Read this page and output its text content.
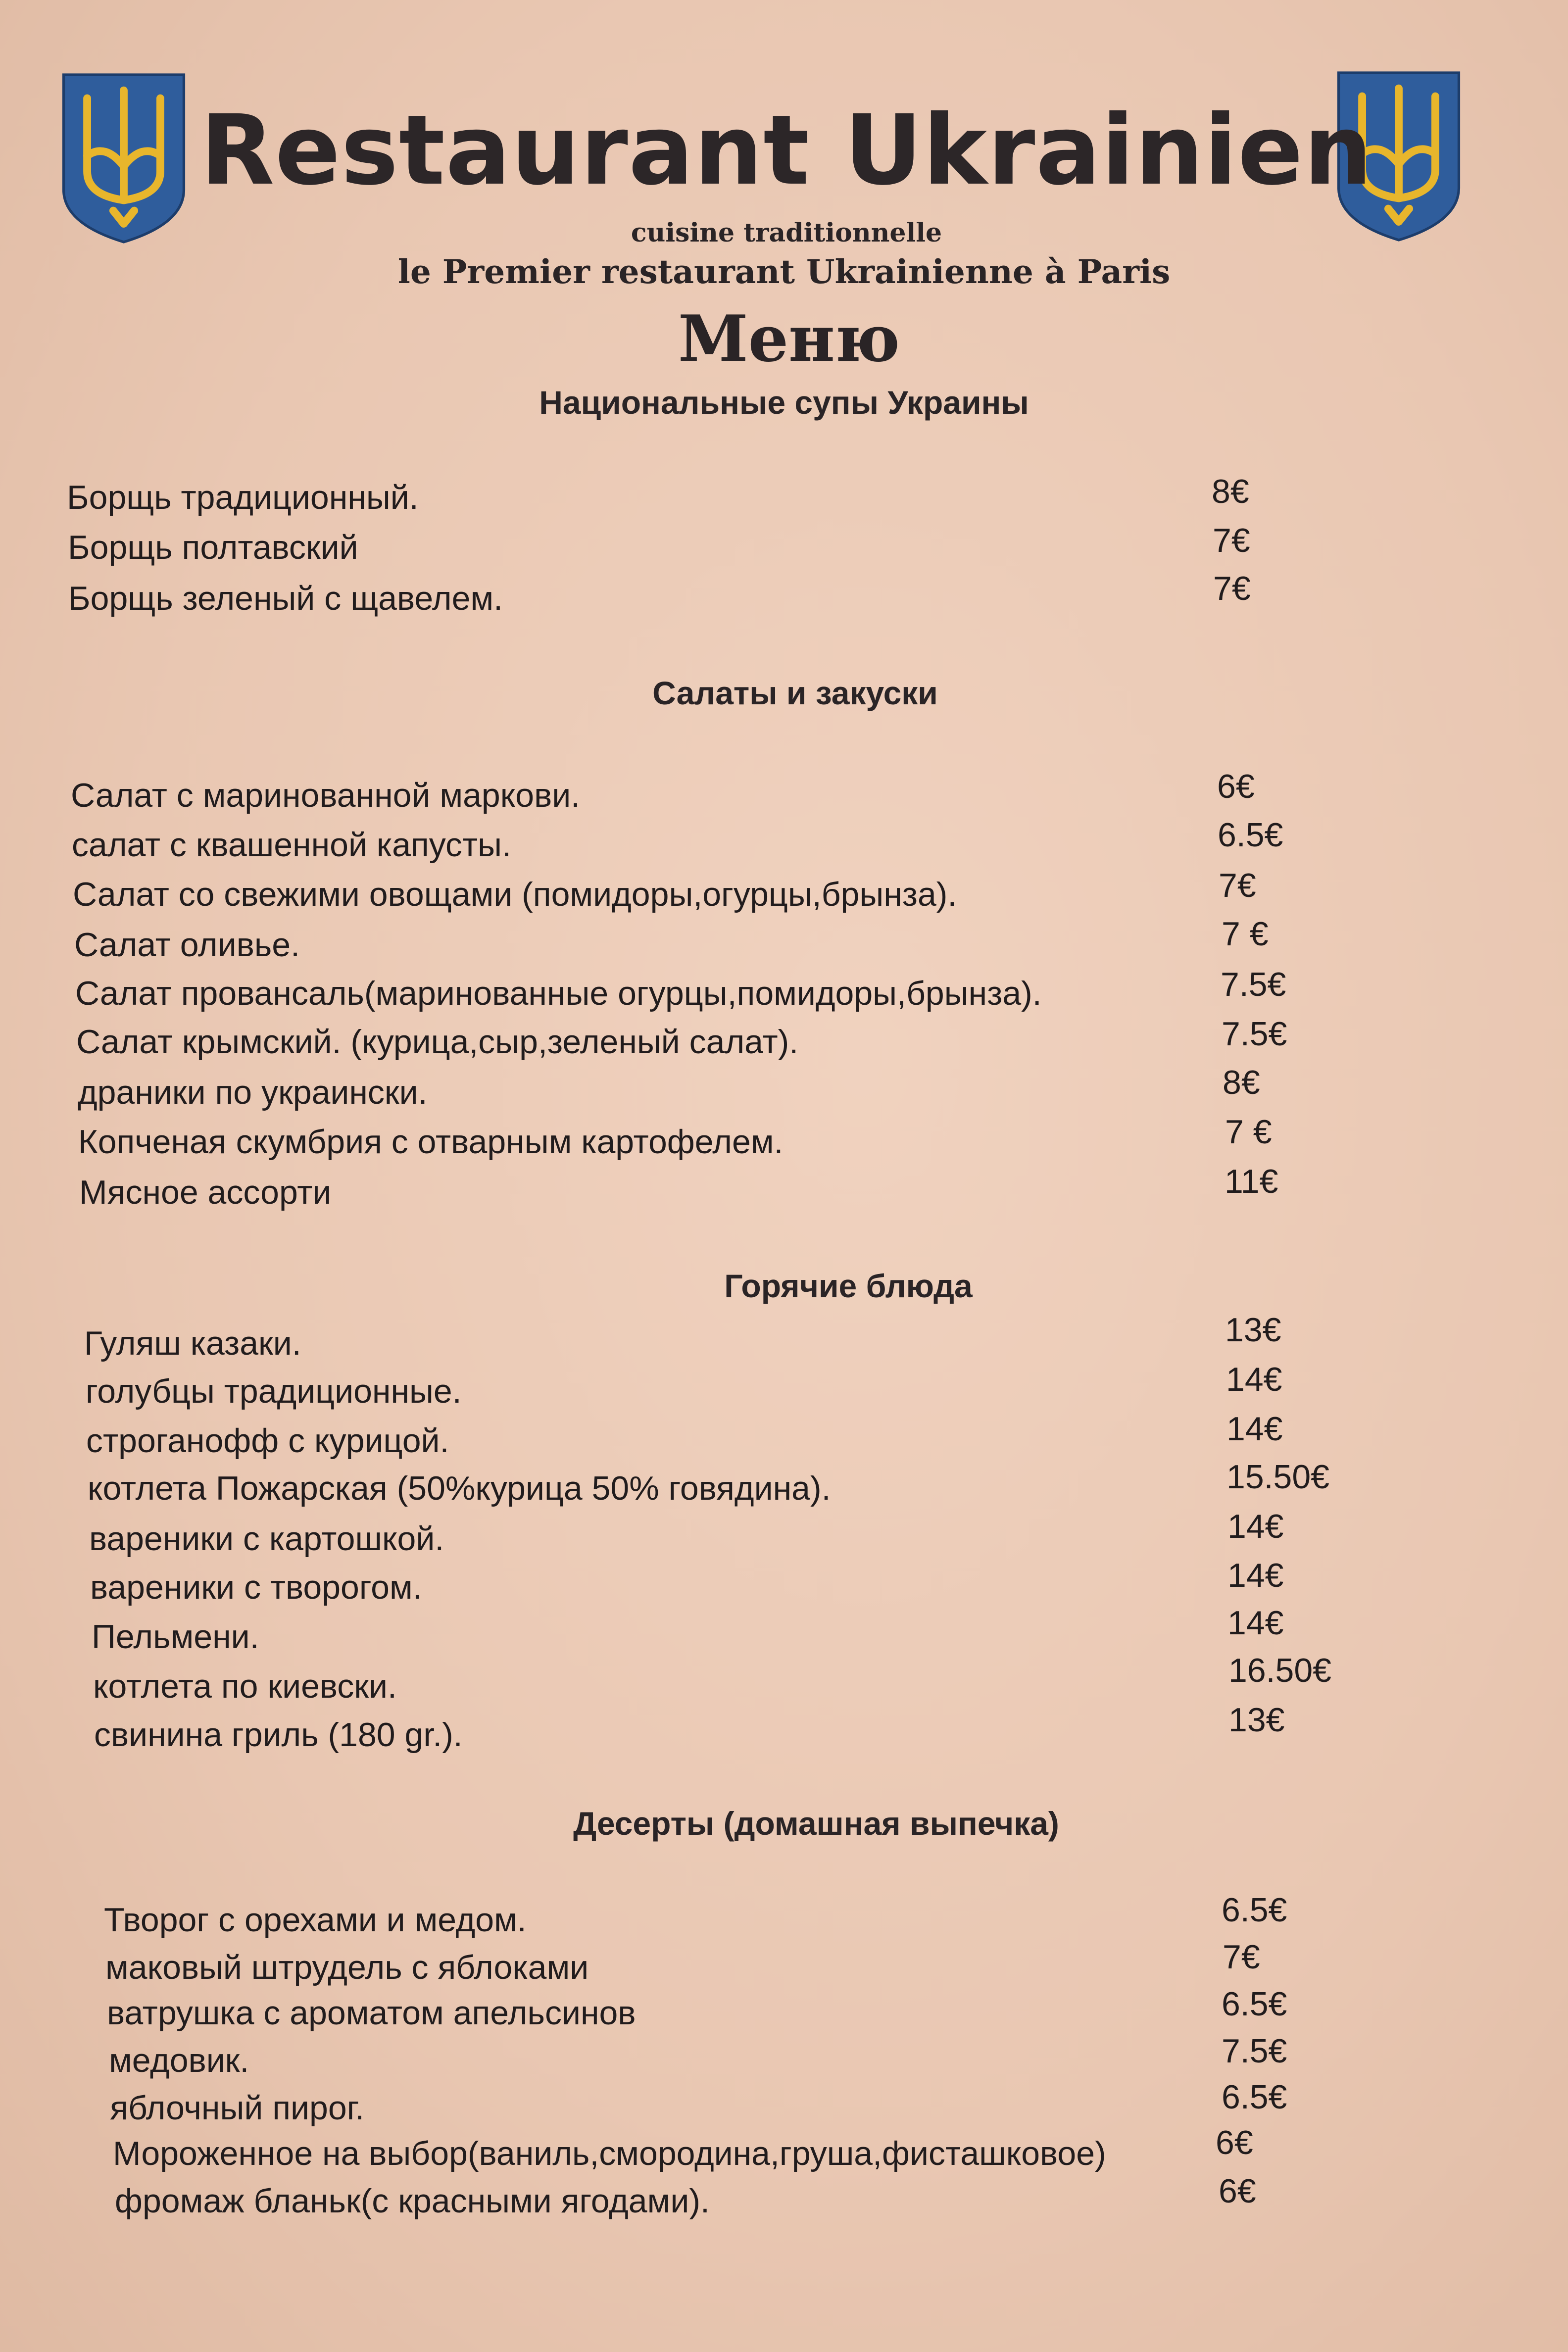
Restaurant Ukrainien
cuisine traditionnelle
le Premier restaurant Ukrainienne à Paris
Меню
Национальные супы Украины
Борщь традиционный.	8€
Борщь полтавский	7€
Борщь зеленый с щавелем.	7€
Салаты и закуски
Салат с маринованной маркови.	6€
салат с квашенной капусты.	6.5€
Салат со свежими овощами (помидоры,огурцы,брынза).	7€
Салат оливье.	7 €
Салат провансаль(маринованные огурцы,помидоры,брынза).	7.5€
Салат крымский. (курица,сыр,зеленый салат).	7.5€
драники по украински.	8€
Копченая скумбрия с отварным картофелем.	7 €
Мясное ассорти	11€
Горячие блюда
Гуляш казаки.	13€
голубцы традиционные.	14€
строганофф с курицой.	14€
котлета Пожарская (50%курица 50% говядина).	15.50€
вареники с картошкой.	14€
вареники с творогом.	14€
Пельмени.	14€
котлета по киевски.	16.50€
свинина гриль (180 gr.).	13€
Десерты (домашная выпечка)
Творог с орехами и медом.	6.5€
маковый штрудель с яблоками	7€
ватрушка с ароматом апельсинов	6.5€
медовик.	7.5€
яблочный пирог.	6.5€
Мороженное на выбор(ваниль,смородина,груша,фисташковое)	6€
фромаж бланьк(с красными ягодами).	6€
